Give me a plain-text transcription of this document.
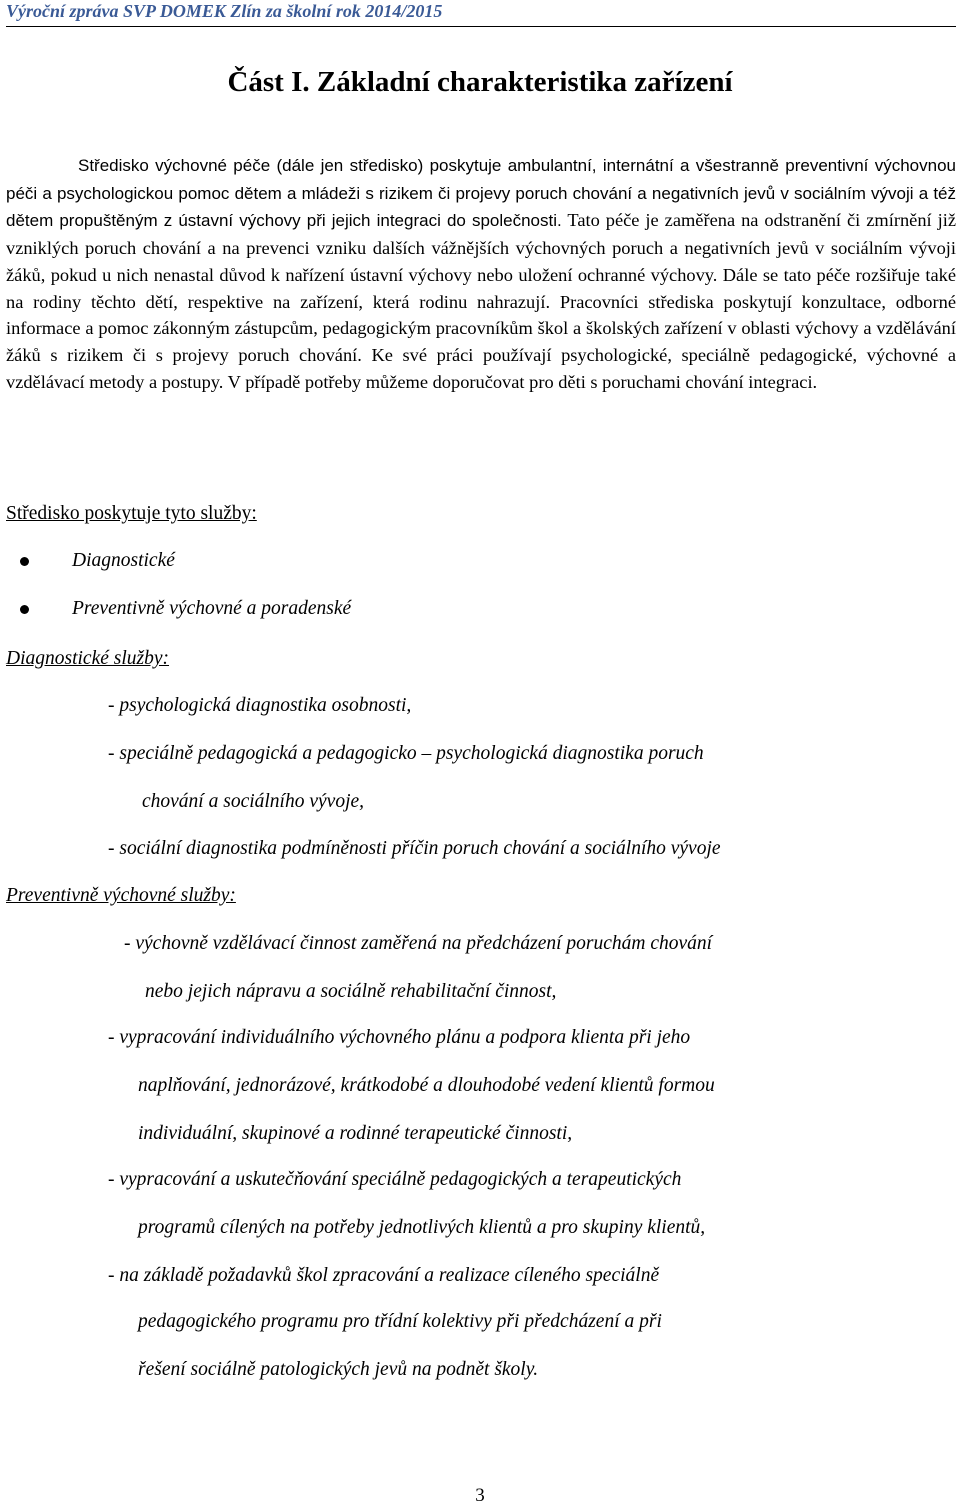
Výroční zpráva SVP DOMEK Zlín za školní rok 2014/2015
Část I. Základní charakteristika zařízení

Středisko výchovné péče (dále jen středisko) poskytuje ambulantní, internátní a všestranně preventivní výchovnou péči a psychologickou pomoc dětem a mládeži s rizikem či projevy poruch chování a negativních jevů v sociálním vývoji a též dětem propuštěným z ústavní výchovy při jejich integraci do společnosti. Tato péče je zaměřena na odstranění či zmírnění již vzniklých poruch chování a na prevenci vzniku dalších vážnějších výchovných poruch a negativních jevů v sociálním vývoji žáků, pokud u nich nenastal důvod k nařízení ústavní výchovy nebo uložení ochranné výchovy. Dále se tato péče rozšiřuje také na rodiny těchto dětí, respektive na zařízení, která rodinu nahrazují. Pracovníci střediska poskytují konzultace, odborné informace a pomoc zákonným zástupcům, pedagogickým pracovníkům škol a školských zařízení v oblasti výchovy a vzdělávání žáků s rizikem či s projevy poruch chování. Ke své práci používají psychologické, speciálně pedagogické, výchovné a vzdělávací metody a postupy. V případě potřeby můžeme doporučovat pro děti s poruchami chování integraci.

Středisko poskytuje tyto služby:
Diagnostické
Preventivně výchovné a poradenské
Diagnostické služby:
- psychologická diagnostika osobnosti,
- speciálně pedagogická a pedagogicko – psychologická diagnostika poruch
chování a sociálního vývoje,
- sociální diagnostika podmíněnosti příčin poruch chování a sociálního vývoje
Preventivně výchovné služby:
- výchovně vzdělávací činnost zaměřená na předcházení poruchám chování
nebo jejich nápravu a sociálně rehabilitační činnost,
- vypracování individuálního výchovného plánu a podpora klienta při jeho
naplňování, jednorázové, krátkodobé a dlouhodobé vedení klientů formou
individuální, skupinové a rodinné terapeutické činnosti,
- vypracování a uskutečňování speciálně pedagogických a terapeutických
programů cílených na potřeby jednotlivých klientů a pro skupiny klientů,
- na základě požadavků škol zpracování a realizace cíleného speciálně
pedagogického programu pro třídní kolektivy při předcházení a při
řešení sociálně patologických jevů na podnět školy.
3
